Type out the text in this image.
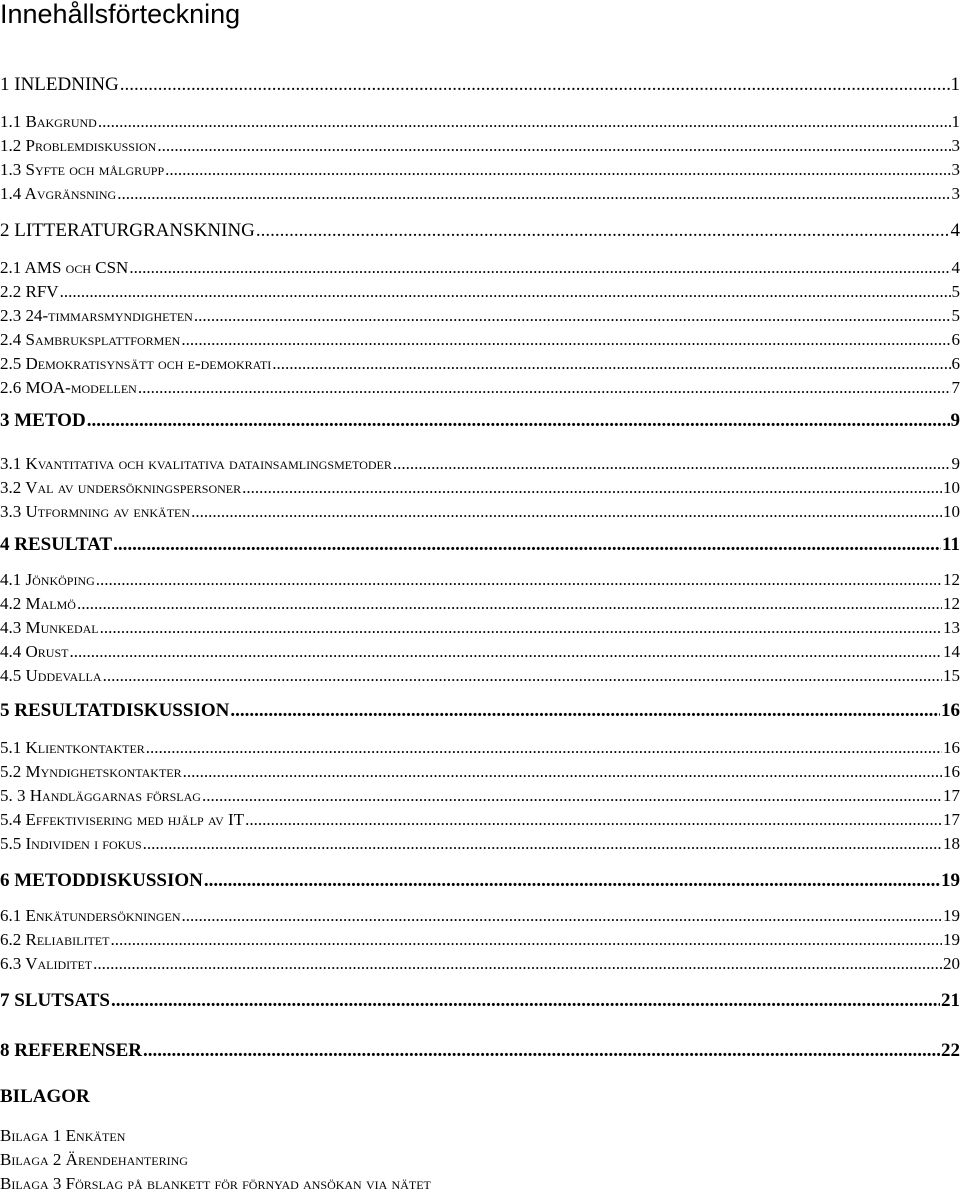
Innehållsförteckning
1 INLEDNING .....	1
1.1 Bakgrund .....	1
1.2 Problemdiskussion .....	3
1.3 Syfte och målgrupp .....	3
1.4 Avgränsning .....	3
2 LITTERATURGRANSKNING .....	4
2.1 AMS och CSN .....	4
2.2 RFV .....	5
2.3 24-timmarsmyndigheten .....	5
2.4 Sambruksplattformen .....	6
2.5 Demokratisynsätt och e-demokrati .....	6
2.6 MOA-modellen .....	7
3 METOD .....	9
3.1 Kvantitativa och kvalitativa datainsamlingsmetoder .....	9
3.2 Val av undersökningspersoner .....	10
3.3 Utformning av enkäten .....	10
4 RESULTAT .....	11
4.1 Jönköping .....	12
4.2 Malmö .....	12
4.3 Munkedal .....	13
4.4 Orust .....	14
4.5 Uddevalla .....	15
5 RESULTATDISKUSSION .....	16
5.1 Klientkontakter .....	16
5.2 Myndighetskontakter .....	16
5. 3 Handläggarnas förslag .....	17
5.4 Effektivisering med hjälp av IT .....	17
5.5 Individen i fokus .....	18
6 METODDISKUSSION .....	19
6.1 Enkätundersökningen .....	19
6.2 Reliabilitet .....	19
6.3 Validitet .....	20
7 SLUTSATS .....	21
8 REFERENSER .....	22
BILAGOR
Bilaga 1 Enkäten
Bilaga 2 Ärendehantering
Bilaga 3 Förslag på blankett för förnyad ansökan via nätet
